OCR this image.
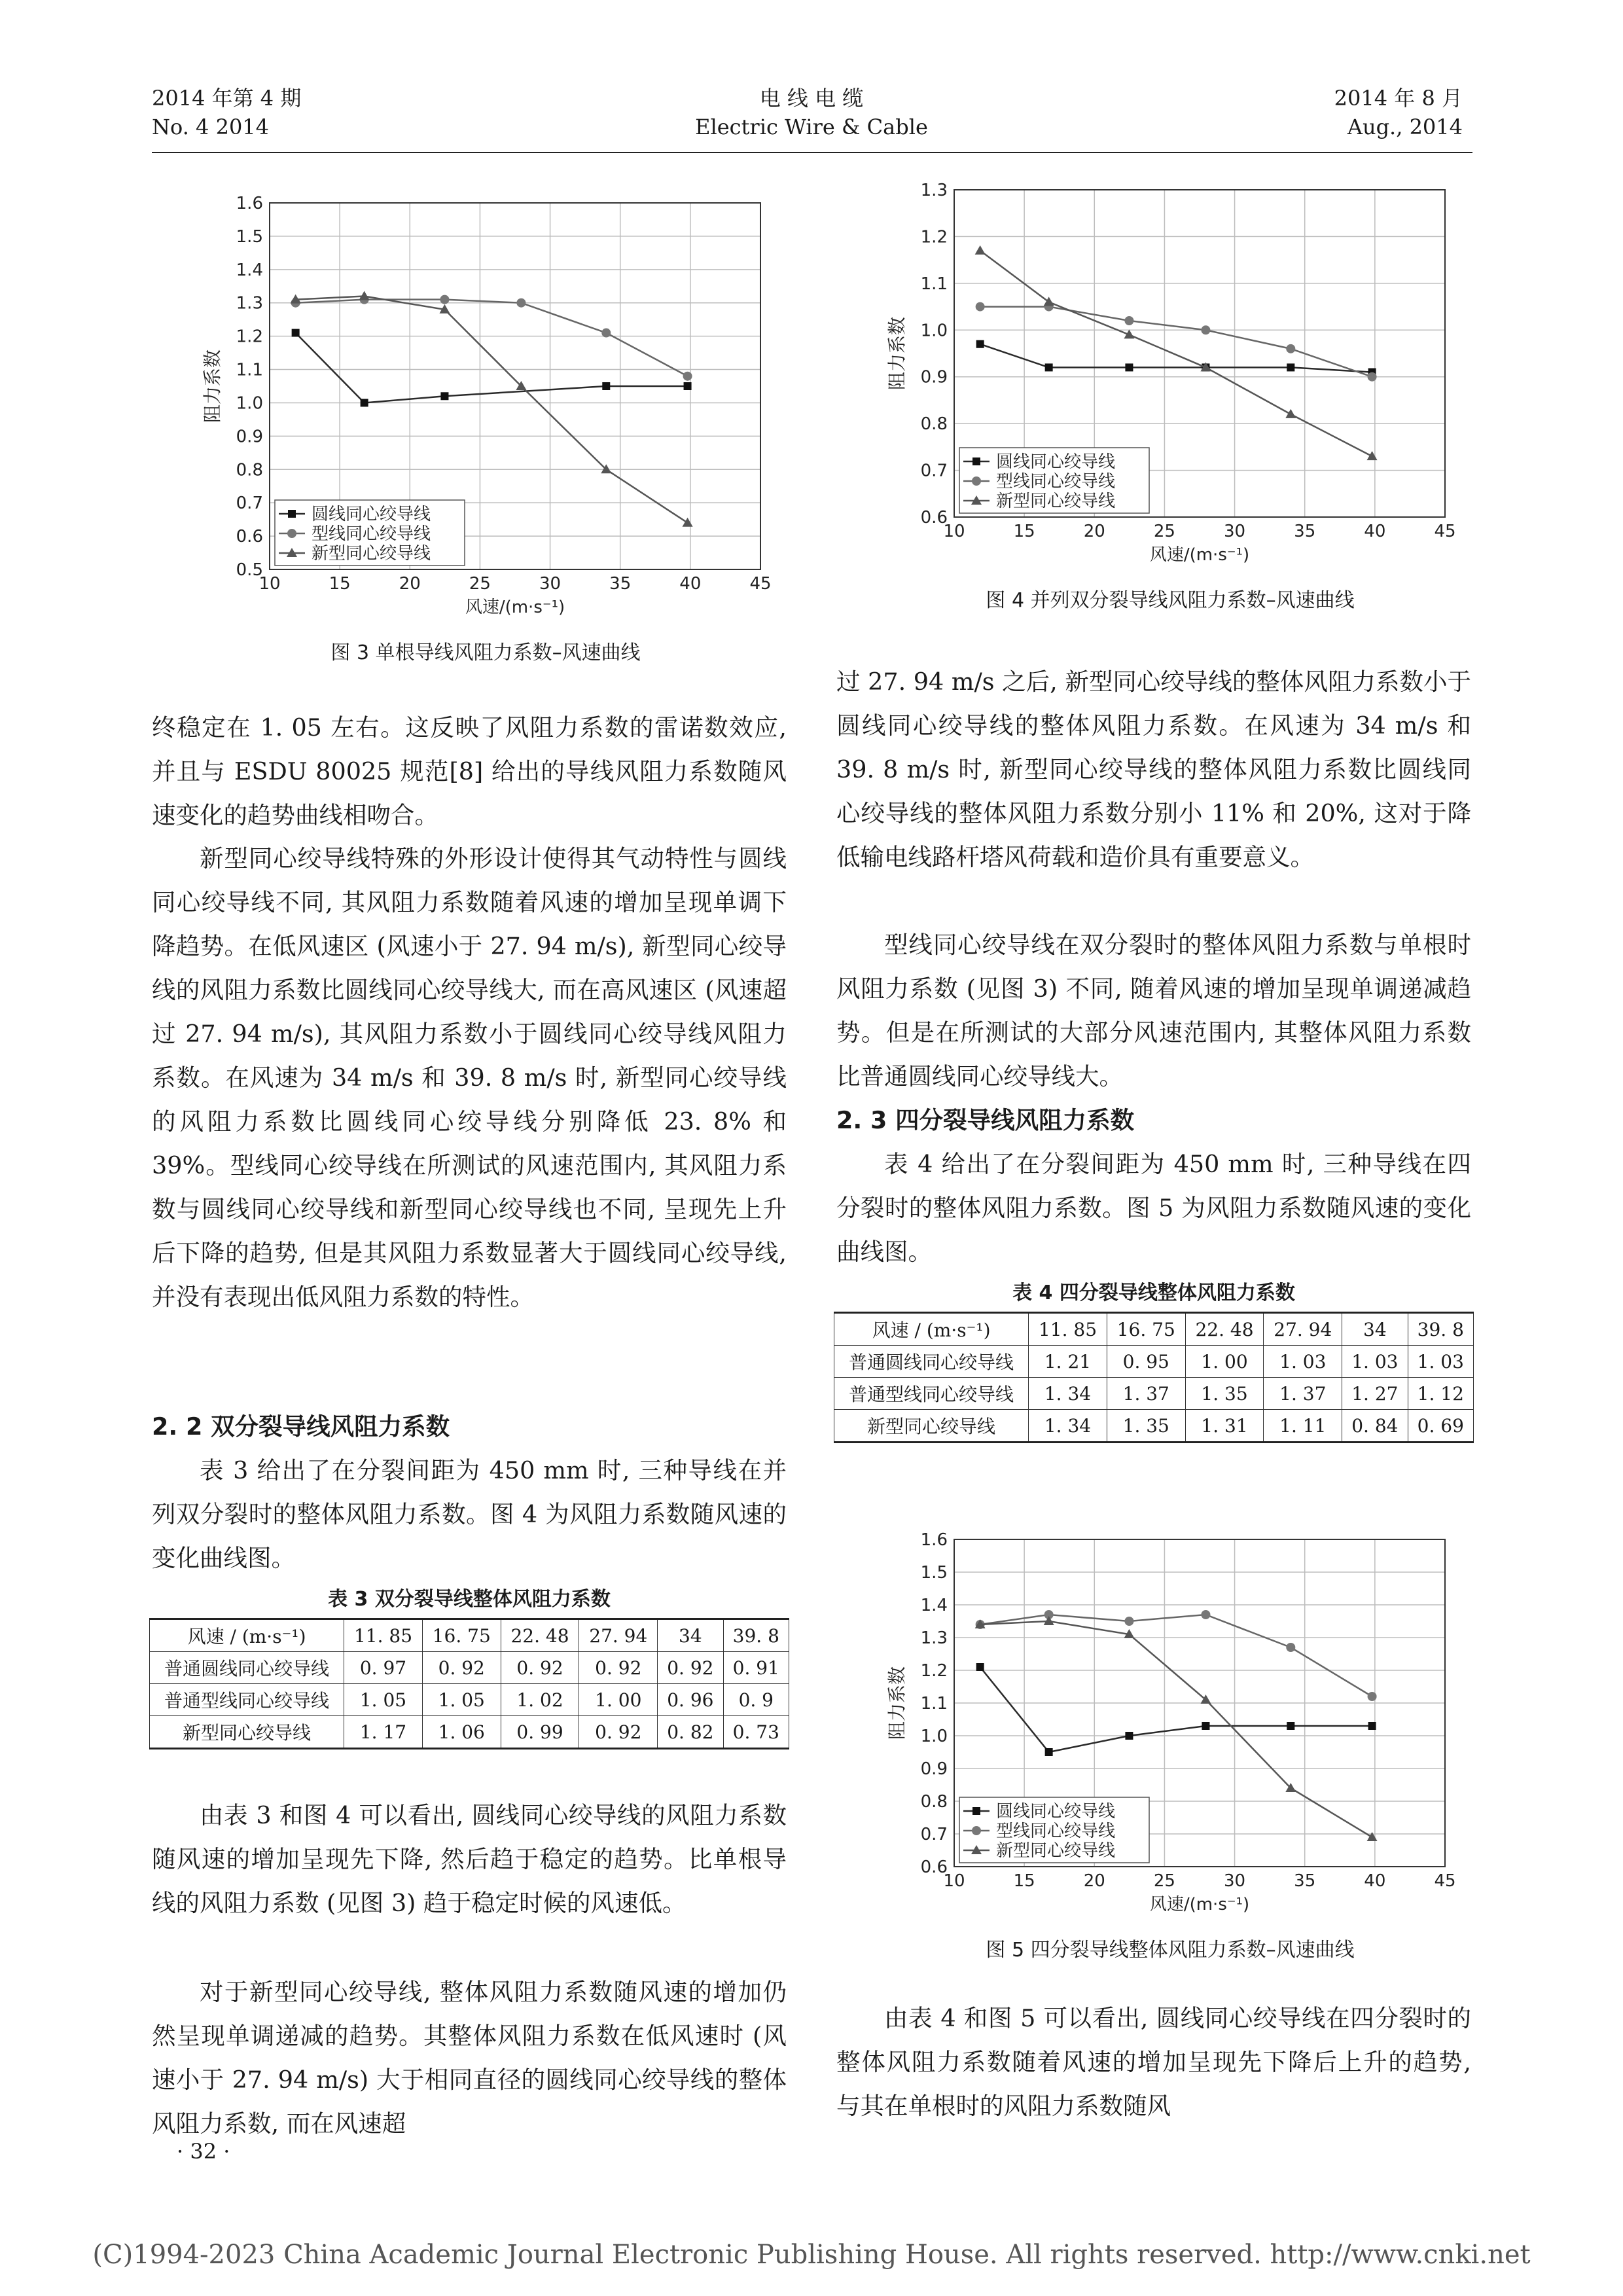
2014 年第 4 期
No. 4 2014
电 线 电 缆
Electric Wire & Cable
2014 年 8 月
Aug., 2014
0.5
0.6
0.7
0.8
0.9
1.0
1.1
1.2
1.3
1.4
1.5
1.6
10	15	20	25	30	35	40	45
风速/(m·s⁻¹)
阻力系数
圆线同心绞导线
型线同心绞导线
新型同心绞导线
图 3 单根导线风阻力系数–风速曲线

终稳定在 1. 05 左右。这反映了风阻力系数的雷诺数效应, 并且与 ESDU 80025 规范[8] 给出的导线风阻力系数随风速变化的趋势曲线相吻合。

新型同心绞导线特殊的外形设计使得其气动特性与圆线同心绞导线不同, 其风阻力系数随着风速的增加呈现单调下降趋势。在低风速区 (风速小于 27. 94 m/s), 新型同心绞导线的风阻力系数比圆线同心绞导线大, 而在高风速区 (风速超过 27. 94 m/s), 其风阻力系数小于圆线同心绞导线风阻力系数。在风速为 34 m/s 和 39. 8 m/s 时, 新型同心绞导线的风阻力系数比圆线同心绞导线分别降低 23. 8% 和 39%。型线同心绞导线在所测试的风速范围内, 其风阻力系数与圆线同心绞导线和新型同心绞导线也不同, 呈现先上升后下降的趋势, 但是其风阻力系数显著大于圆线同心绞导线, 并没有表现出低风阻力系数的特性。

2. 2 双分裂导线风阻力系数

表 3 给出了在分裂间距为 450 mm 时, 三种导线在并列双分裂时的整体风阻力系数。图 4 为风阻力系数随风速的变化曲线图。

表 3 双分裂导线整体风阻力系数
风速 / (m·s⁻¹)	11. 85	16. 75	22. 48	27. 94	34	39. 8
普通圆线同心绞导线	0. 97	0. 92	0. 92	0. 92	0. 92	0. 91
普通型线同心绞导线	1. 05	1. 05	1. 02	1. 00	0. 96	0. 9
新型同心绞导线	1. 17	1. 06	0. 99	0. 92	0. 82	0. 73

由表 3 和图 4 可以看出, 圆线同心绞导线的风阻力系数随风速的增加呈现先下降, 然后趋于稳定的趋势。比单根导线的风阻力系数 (见图 3) 趋于稳定时候的风速低。

对于新型同心绞导线, 整体风阻力系数随风速的增加仍然呈现单调递减的趋势。其整体风阻力系数在低风速时 (风速小于 27. 94 m/s) 大于相同直径的圆线同心绞导线的整体风阻力系数, 而在风速超

0.6
0.7
0.8
0.9
1.0
1.1
1.2
1.3
10	15	20	25	30	35	40	45
风速/(m·s⁻¹)
阻力系数
圆线同心绞导线
型线同心绞导线
新型同心绞导线
图 4 并列双分裂导线风阻力系数–风速曲线

过 27. 94 m/s 之后, 新型同心绞导线的整体风阻力系数小于圆线同心绞导线的整体风阻力系数。在风速为 34 m/s 和 39. 8 m/s 时, 新型同心绞导线的整体风阻力系数比圆线同心绞导线的整体风阻力系数分别小 11% 和 20%, 这对于降低输电线路杆塔风荷载和造价具有重要意义。

型线同心绞导线在双分裂时的整体风阻力系数与单根时风阻力系数 (见图 3) 不同, 随着风速的增加呈现单调递减趋势。但是在所测试的大部分风速范围内, 其整体风阻力系数比普通圆线同心绞导线大。

2. 3 四分裂导线风阻力系数

表 4 给出了在分裂间距为 450 mm 时, 三种导线在四分裂时的整体风阻力系数。图 5 为风阻力系数随风速的变化曲线图。

表 4 四分裂导线整体风阻力系数
风速 / (m·s⁻¹)	11. 85	16. 75	22. 48	27. 94	34	39. 8
普通圆线同心绞导线	1. 21	0. 95	1. 00	1. 03	1. 03	1. 03
普通型线同心绞导线	1. 34	1. 37	1. 35	1. 37	1. 27	1. 12
新型同心绞导线	1. 34	1. 35	1. 31	1. 11	0. 84	0. 69
0.6
0.7
0.8
0.9
1.0
1.1
1.2
1.3
1.4
1.5
1.6
10	15	20	25	30	35	40	45
风速/(m·s⁻¹)
阻力系数
圆线同心绞导线
型线同心绞导线
新型同心绞导线
图 5 四分裂导线整体风阻力系数–风速曲线

由表 4 和图 5 可以看出, 圆线同心绞导线在四分裂时的整体风阻力系数随着风速的增加呈现先下降后上升的趋势, 与其在单根时的风阻力系数随风

· 32 ·
(C)1994-2023 China Academic Journal Electronic Publishing House. All rights reserved. http://www.cnki.net
